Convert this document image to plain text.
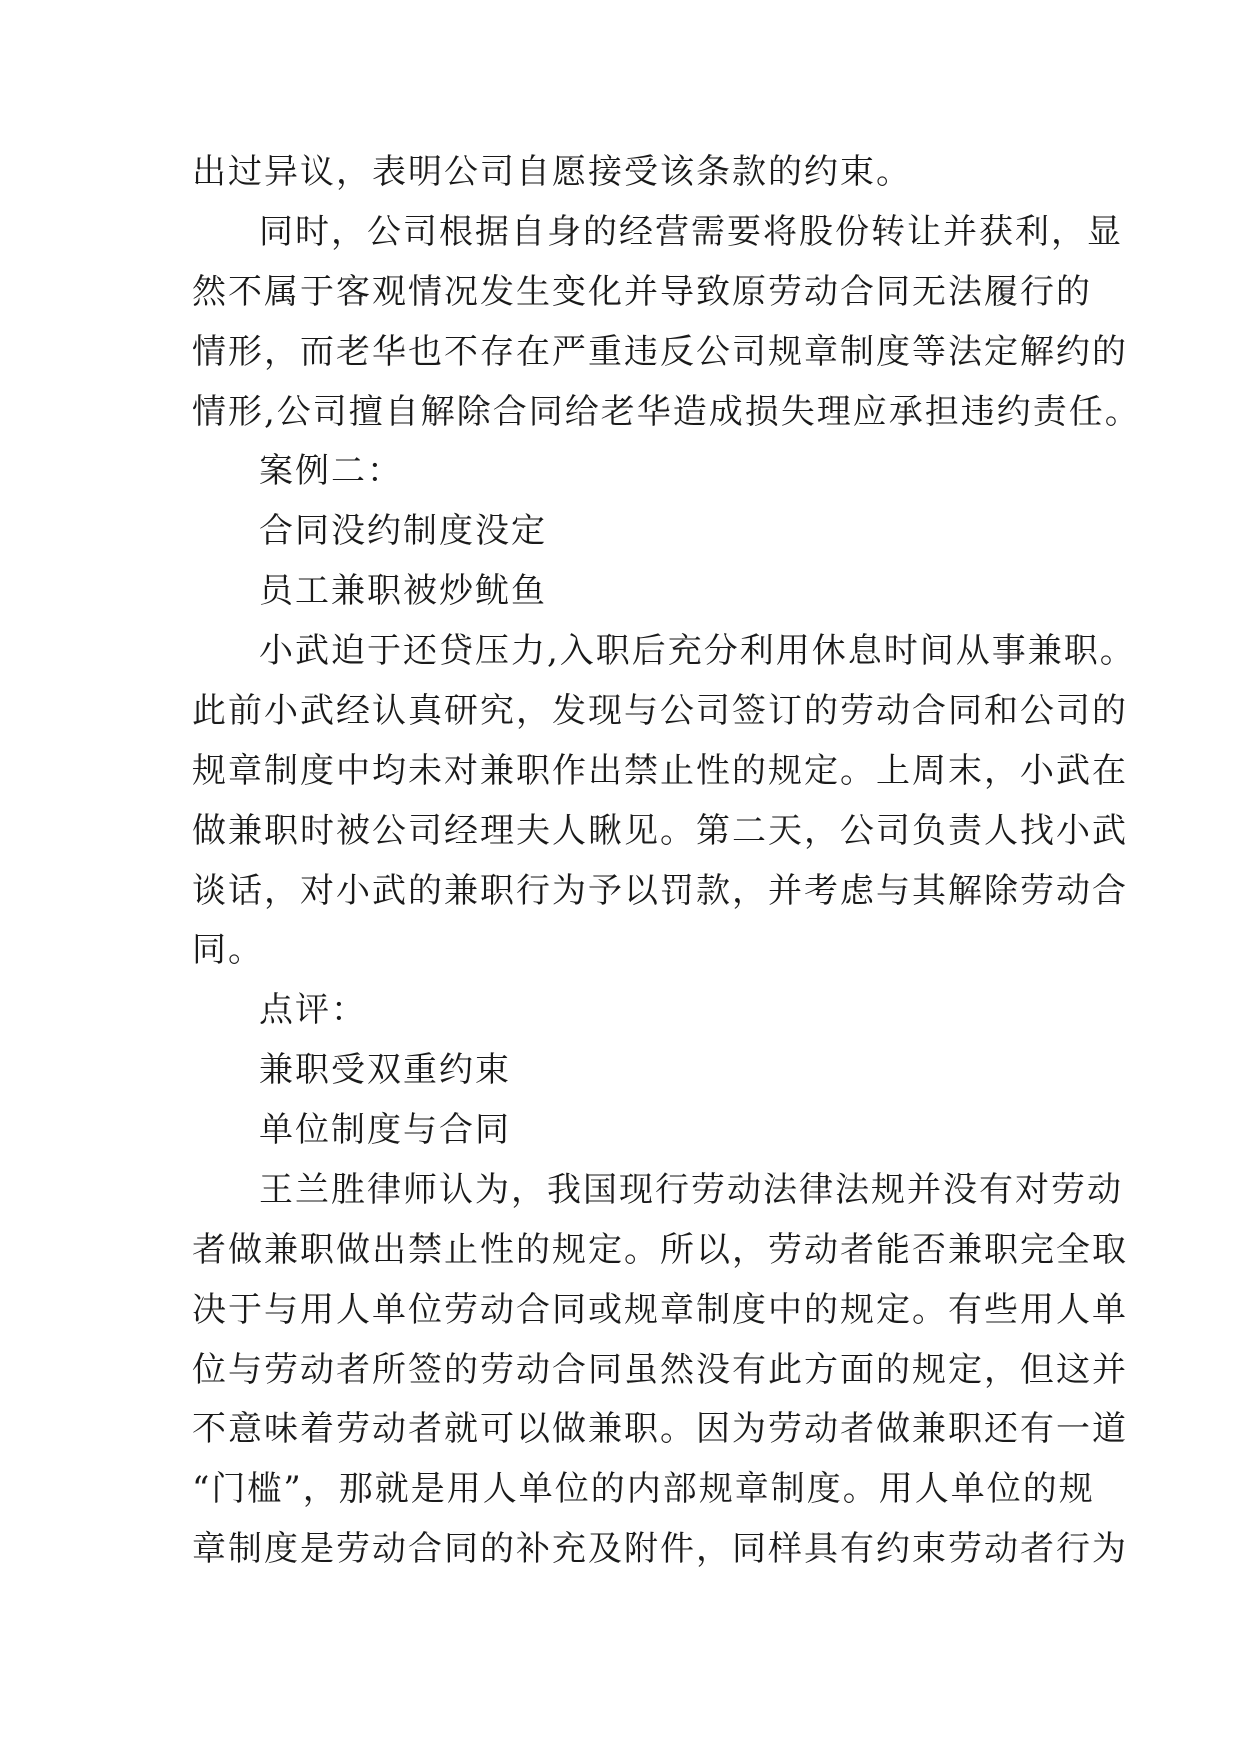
出过异议，表明公司自愿接受该条款的约束。
同时，公司根据自身的经营需要将股份转让并获利，显
然不属于客观情况发生变化并导致原劳动合同无法履行的
情形，而老华也不存在严重违反公司规章制度等法定解约的
情形,公司擅自解除合同给老华造成损失理应承担违约责任。
案例二：
合同没约制度没定
员工兼职被炒鱿鱼
小武迫于还贷压力,入职后充分利用休息时间从事兼职。
此前小武经认真研究，发现与公司签订的劳动合同和公司的
规章制度中均未对兼职作出禁止性的规定。上周末，小武在
做兼职时被公司经理夫人瞅见。第二天，公司负责人找小武
谈话，对小武的兼职行为予以罚款，并考虑与其解除劳动合
同。
点评：
兼职受双重约束
单位制度与合同
王兰胜律师认为，我国现行劳动法律法规并没有对劳动
者做兼职做出禁止性的规定。所以，劳动者能否兼职完全取
决于与用人单位劳动合同或规章制度中的规定。有些用人单
位与劳动者所签的劳动合同虽然没有此方面的规定，但这并
不意味着劳动者就可以做兼职。因为劳动者做兼职还有一道
“门槛”，那就是用人单位的内部规章制度。用人单位的规
章制度是劳动合同的补充及附件，同样具有约束劳动者行为
